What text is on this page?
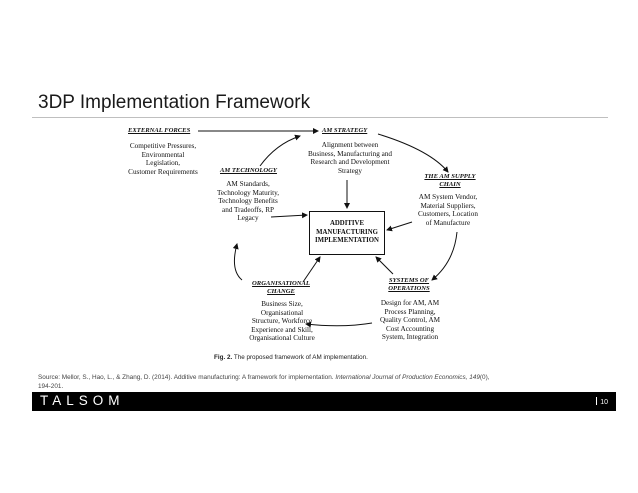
3DP Implementation Framework
EXTERNAL FORCES
Competitive Pressures,
Environmental
Legislation,
Customer Requirements
AM STRATEGY
Alignment between
Business, Manufacturing and
Research and Development
Strategy
AM TECHNOLOGY
AM Standards,
Technology Maturity,
Technology Benefits
and Tradeoffs, RP
Legacy
THE AM SUPPLY
CHAIN
AM System Vendor,
Material Suppliers,
Customers, Location
of Manufacture
ADDITIVE
MANUFACTURING
IMPLEMENTATION
ORGANISATIONAL
CHANGE
Business Size,
Organisational
Structure, Workforce
Experience and Skill,
Organisational Culture
SYSTEMS OF
OPERATIONS
Design for AM, AM
Process Planning,
Quality Control, AM
Cost Accounting
System, Integration
Fig. 2. The proposed framework of AM implementation.
Source: Mellor, S., Hao, L., & Zhang, D. (2014). Additive manufacturing: A framework for implementation. International Journal of Production Economics, 149(0),
194-201.
TALSOM	10
